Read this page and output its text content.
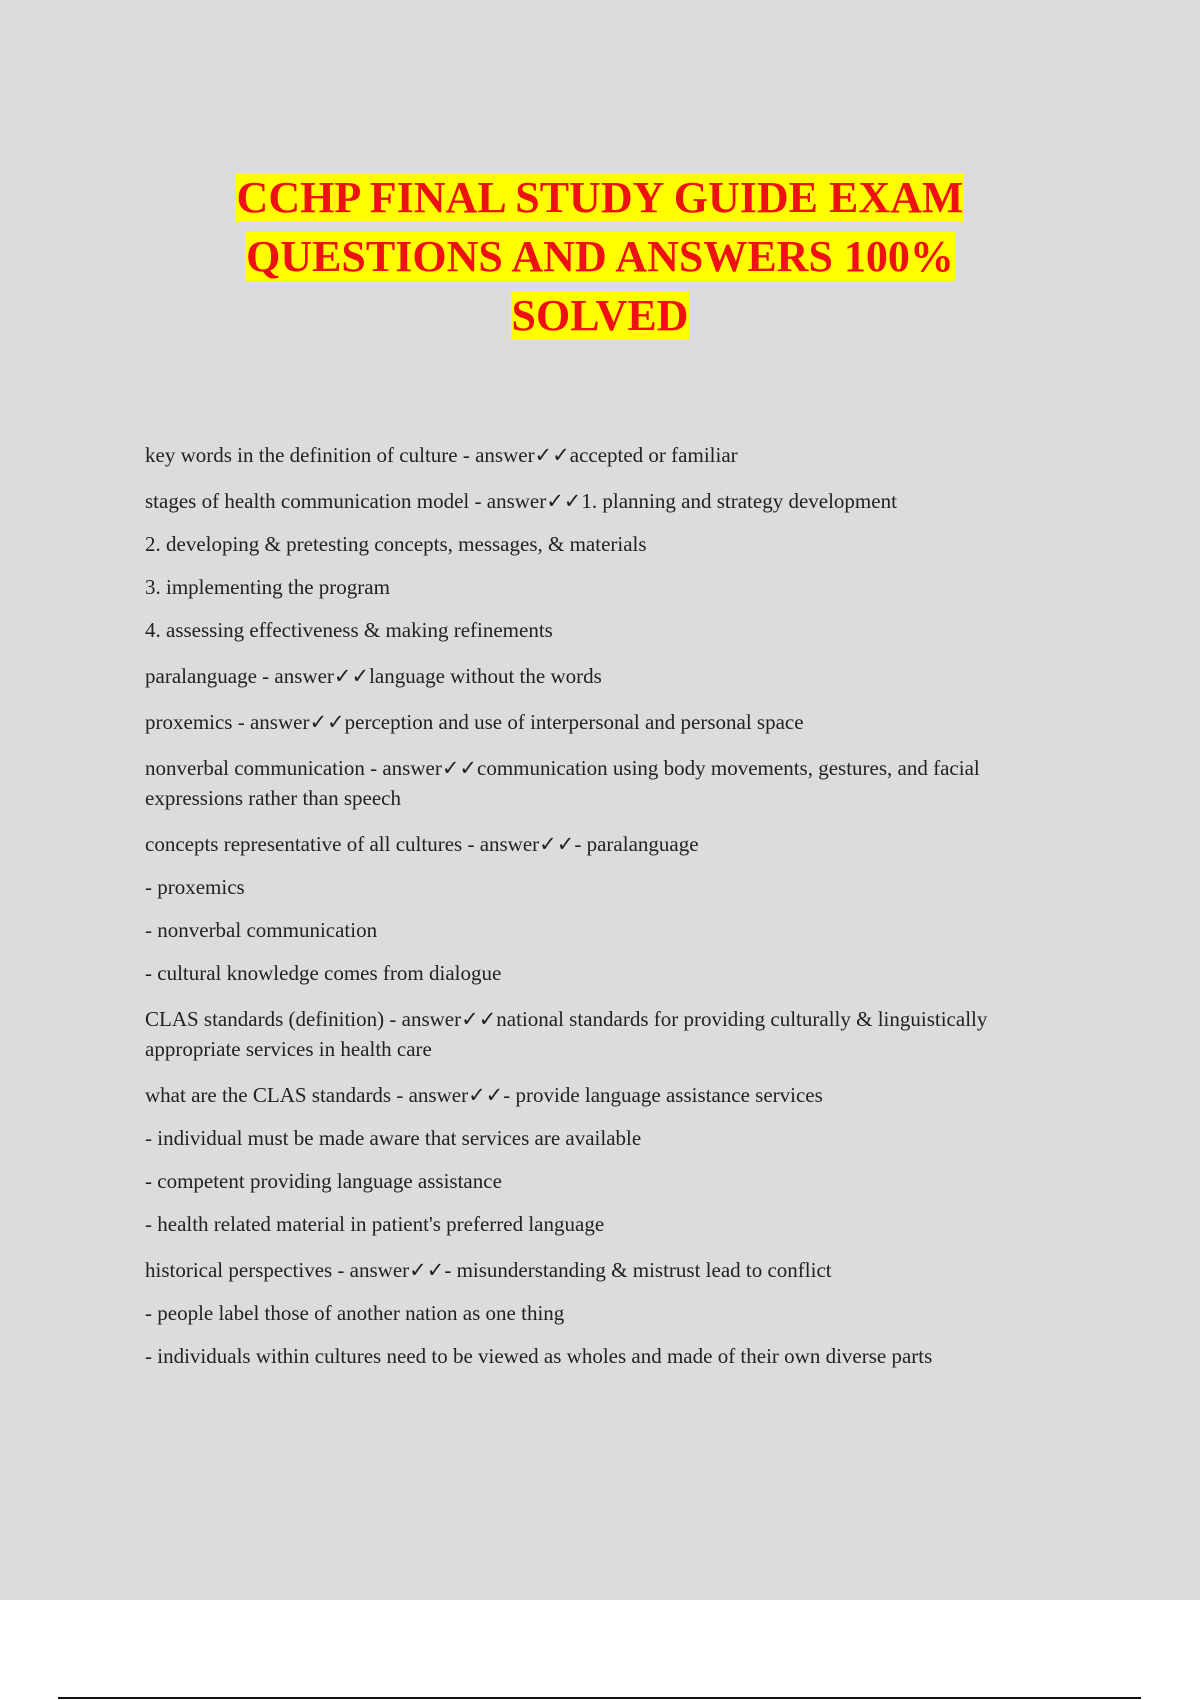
CCHP FINAL STUDY GUIDE EXAM
QUESTIONS AND ANSWERS 100%
SOLVED

key words in the definition of culture - answer✓✓accepted or familiar

stages of health communication model - answer✓✓1. planning and strategy development

2. developing & pretesting concepts, messages, & materials

3. implementing the program

4. assessing effectiveness & making refinements

paralanguage - answer✓✓language without the words

proxemics - answer✓✓perception and use of interpersonal and personal space

nonverbal communication - answer✓✓communication using body movements, gestures, and facial expressions rather than speech

concepts representative of all cultures - answer✓✓- paralanguage

- proxemics

- nonverbal communication

- cultural knowledge comes from dialogue

CLAS standards (definition) - answer✓✓national standards for providing culturally & linguistically appropriate services in health care

what are the CLAS standards - answer✓✓- provide language assistance services

- individual must be made aware that services are available

- competent providing language assistance

- health related material in patient's preferred language

historical perspectives - answer✓✓- misunderstanding & mistrust lead to conflict

- people label those of another nation as one thing

- individuals within cultures need to be viewed as wholes and made of their own diverse parts
